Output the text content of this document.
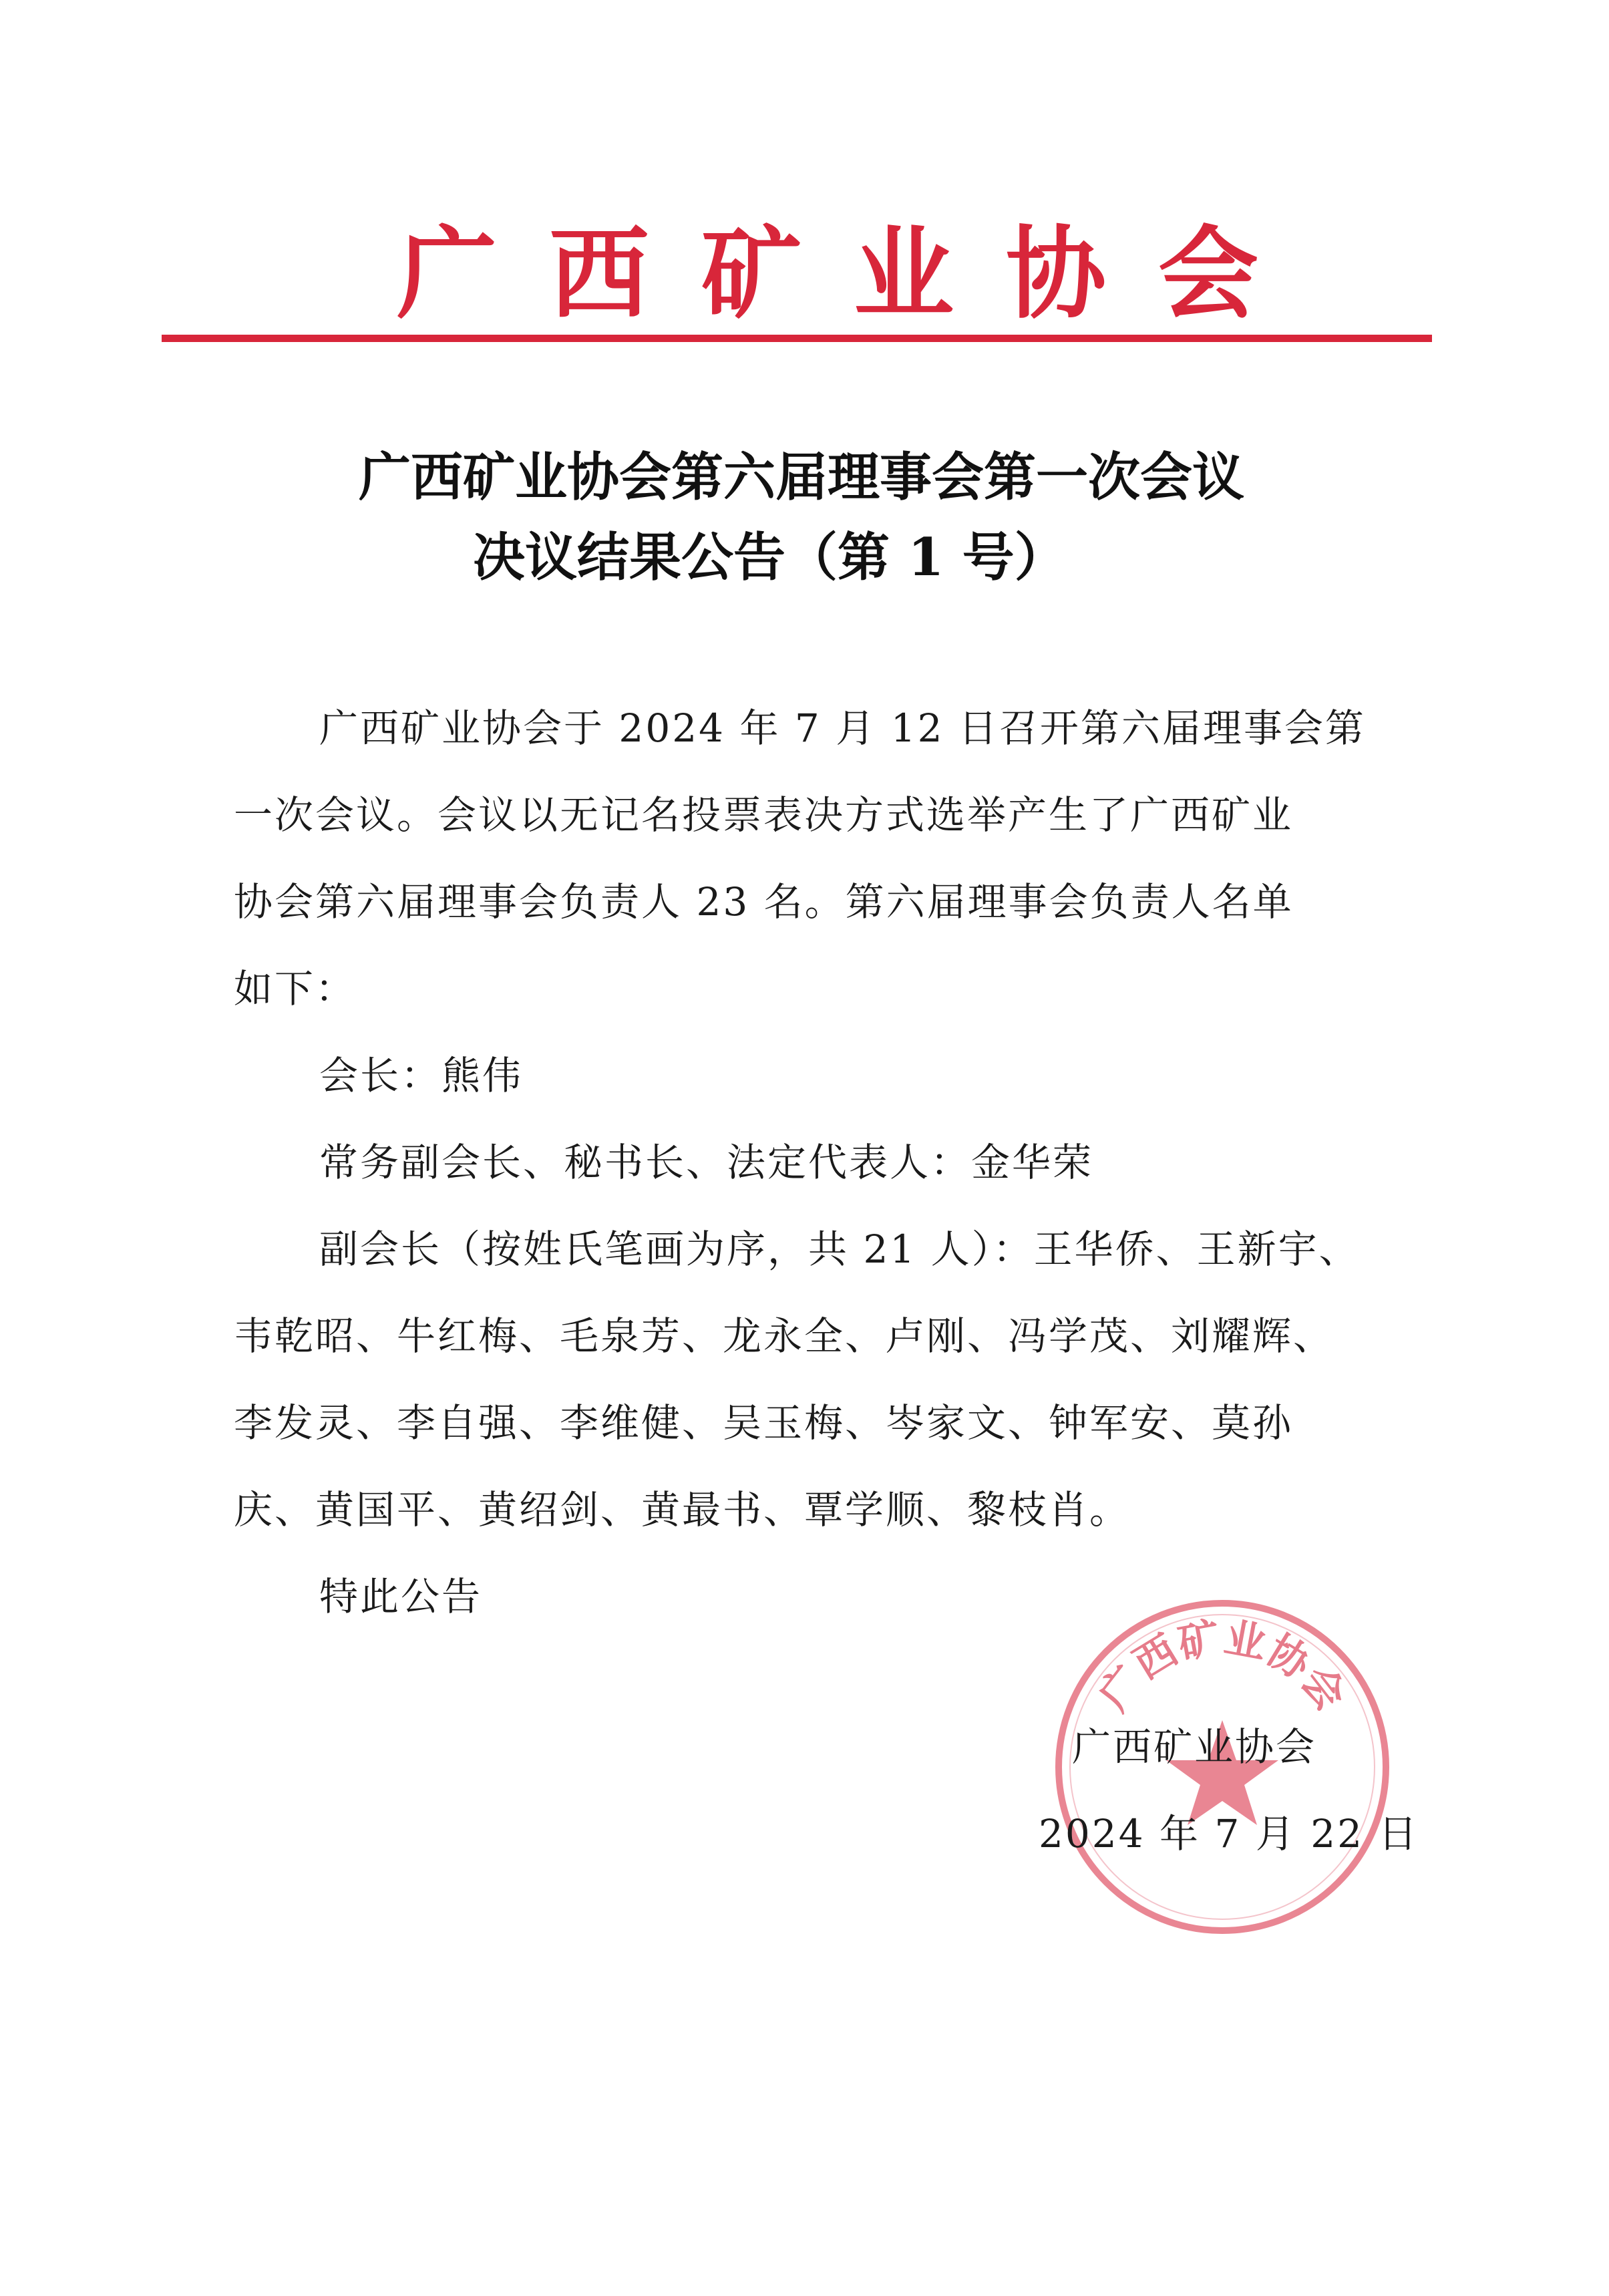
广西矿业协会
广西矿业协会第六届理事会第一次会议
决议结果公告（第 1 号）
广西矿业协会于 2024 年 7 月 12 日召开第六届理事会第
一次会议。会议以无记名投票表决方式选举产生了广西矿业
协会第六届理事会负责人 23 名。第六届理事会负责人名单
如下：
会长：熊伟
常务副会长、秘书长、法定代表人：金华荣
副会长（按姓氏笔画为序，共 21 人）：王华侨、王新宇、
韦乾昭、牛红梅、毛泉芳、龙永全、卢刚、冯学茂、刘耀辉、
李发灵、李自强、李维健、吴玉梅、岑家文、钟军安、莫孙
庆、黄国平、黄绍剑、黄最书、覃学顺、黎枝肖。
特此公告
广西矿业协会
广西矿业协会
2024 年 7 月 22 日
